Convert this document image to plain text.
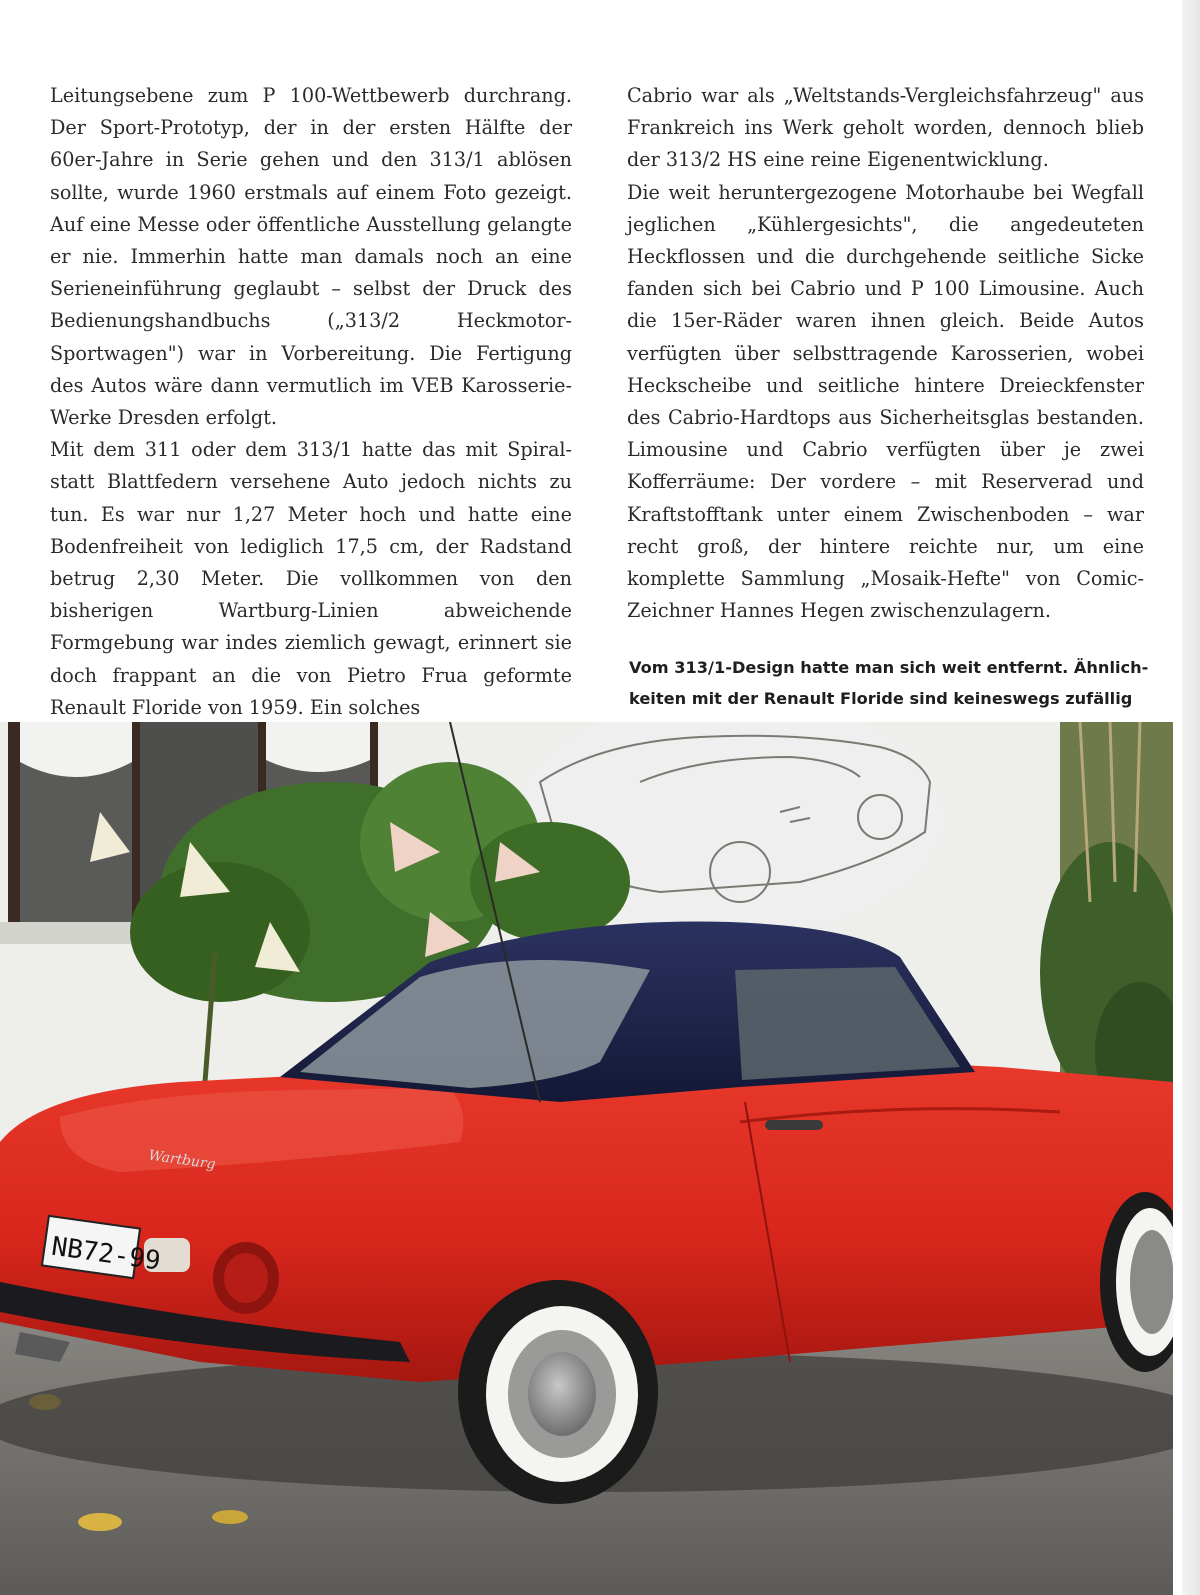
Leitungsebene zum P 100-Wettbewerb durchrang. Der Sport-Prototyp, der in der ersten Hälfte der 60er-Jahre in Serie gehen und den 313/1 ablösen sollte, wurde 1960 erstmals auf einem Foto gezeigt. Auf eine Messe oder öffentliche Ausstellung gelangte er nie. Immerhin hatte man damals noch an eine Serieneinführung geglaubt – selbst der Druck des Bedienungshandbuchs („313/2 Heckmotor-Sportwagen") war in Vorbereitung. Die Fertigung des Autos wäre dann vermutlich im VEB Karosserie-Werke Dresden erfolgt.

Mit dem 311 oder dem 313/1 hatte das mit Spiralstatt Blattfedern versehene Auto jedoch nichts zu tun. Es war nur 1,27 Meter hoch und hatte eine Bodenfreiheit von lediglich 17,5 cm, der Radstand betrug 2,30 Meter. Die vollkommen von den bisherigen Wartburg-Linien abweichende Formgebung war indes ziemlich gewagt, erinnert sie doch frappant an die von Pietro Frua geformte Renault Floride von 1959. Ein solches

Cabrio war als „Weltstands-Vergleichsfahrzeug" aus Frankreich ins Werk geholt worden, dennoch blieb der 313/2 HS eine reine Eigenentwicklung.

Die weit heruntergezogene Motorhaube bei Wegfall jeglichen „Kühlergesichts", die angedeuteten Heckflossen und die durchgehende seitliche Sicke fanden sich bei Cabrio und P 100 Limousine. Auch die 15er-Räder waren ihnen gleich. Beide Autos verfügten über selbsttragende Karosserien, wobei Heckscheibe und seitliche hintere Dreieckfenster des Cabrio-Hardtops aus Sicherheitsglas bestanden. Limousine und Cabrio verfügten über je zwei Kofferräume: Der vordere – mit Reserverad und Kraftstofftank unter einem Zwischenboden – war recht groß, der hintere reichte nur, um eine komplette Sammlung „Mosaik-Hefte" von Comic-Zeichner Hannes Hegen zwischenzulagern.

Vom 313/1-Design hatte man sich weit entfernt. Ähnlich-
keiten mit der Renault Floride sind keineswegs zufällig
NB72-99
Wartburg
